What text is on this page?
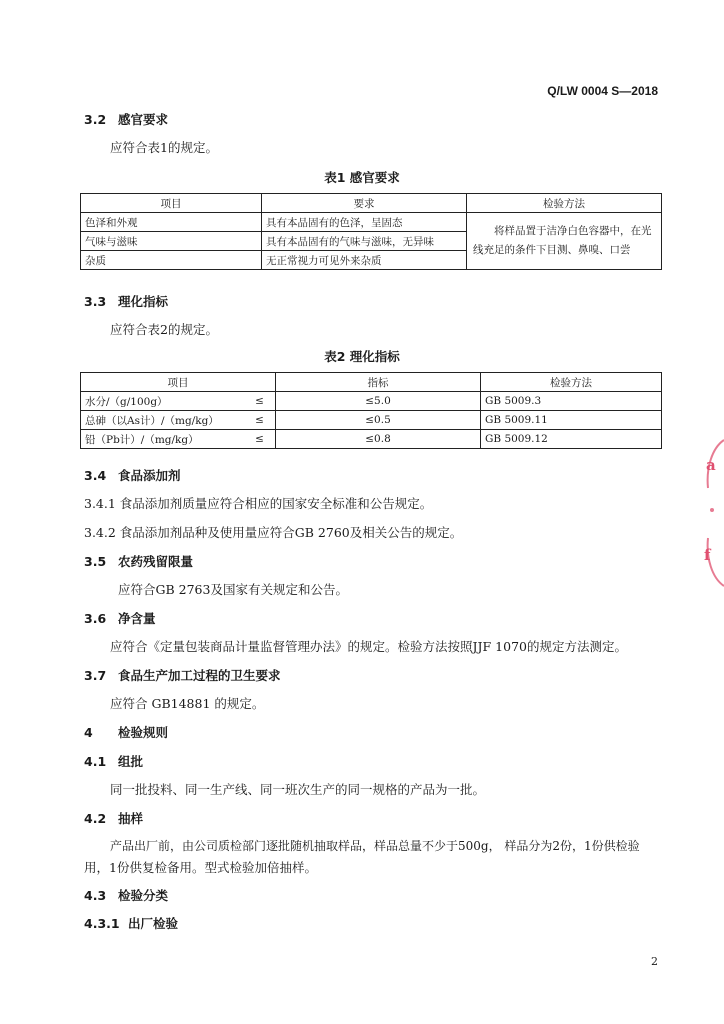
Q/LW 0004 S—2018
3.2 感官要求
应符合表1的规定。
表1 感官要求
项目	要求	检验方法
色泽和外观	具有本品固有的色泽，呈固态	将样品置于洁净白色容器中，在光
线充足的条件下目测、鼻嗅、口尝

气味与滋味	具有本品固有的气味与滋味，无异味	
杂质	无正常视力可见外来杂质	
3.3 理化指标
应符合表2的规定。
表2 理化指标
项目		指标	检验方法
水分/（g/100g）	≤	≤5.0	GB 5009.3
总砷（以As计）/（mg/kg）	≤	≤0.5	GB 5009.11
铅（Pb计）/（mg/kg）	≤	≤0.8	GB 5009.12
3.4 食品添加剂
3.4.1 食品添加剂质量应符合相应的国家安全标准和公告规定。
3.4.2 食品添加剂品种及使用量应符合GB 2760及相关公告的规定。
3.5 农药残留限量
应符合GB 2763及国家有关规定和公告。
3.6 净含量
应符合《定量包装商品计量监督管理办法》的规定。检验方法按照JJF 1070的规定方法测定。
3.7 食品生产加工过程的卫生要求
应符合 GB14881 的规定。
4 检验规则
4.1 组批
同一批投料、同一生产线、同一班次生产的同一规格的产品为一批。
4.2 抽样
产品出厂前，由公司质检部门逐批随机抽取样品，样品总量不少于500g， 样品分为2份，1份供检验
用，1份供复检备用。型式检验加倍抽样。
4.3 检验分类
4.3.1 出厂检验
2
a
f
